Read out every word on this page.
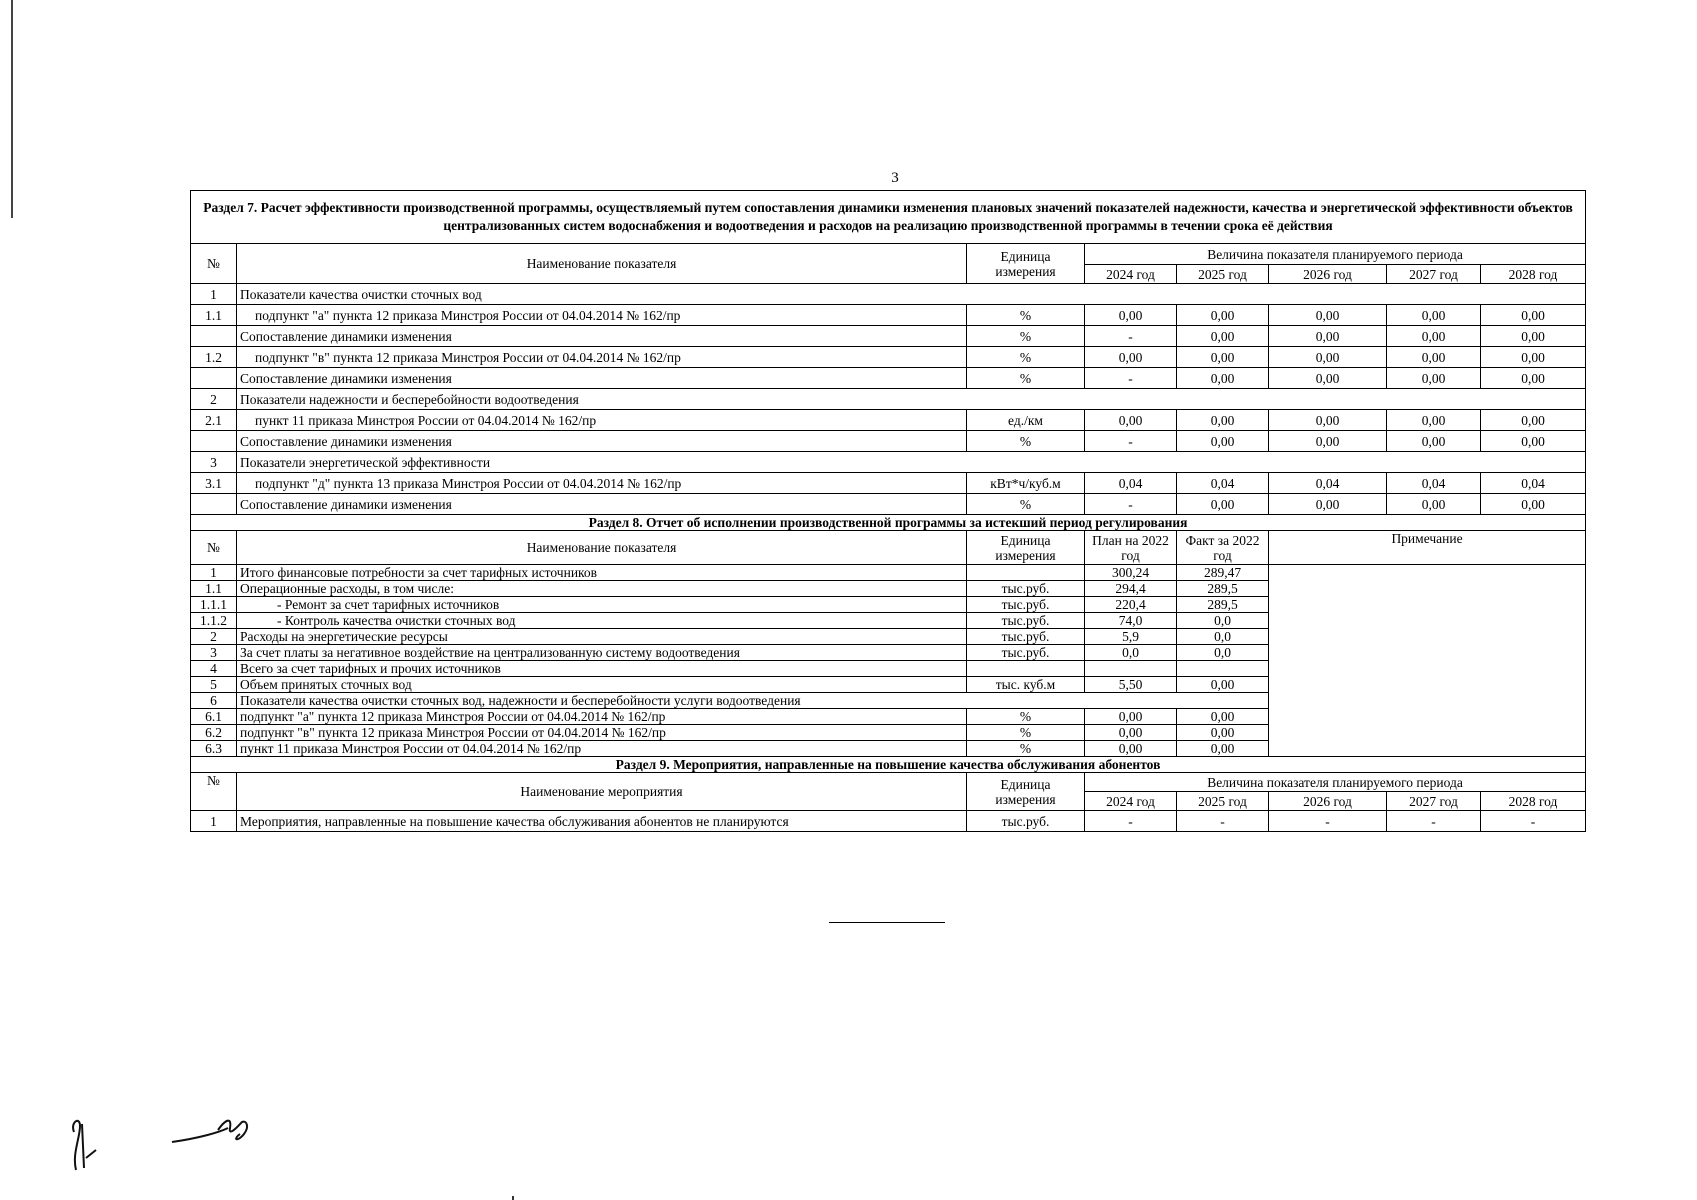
3
Раздел 7. Расчет эффективности производственной программы, осуществляемый путем сопоставления динамики изменения плановых значений показателей надежности, качества и энергетической эффективности объектов централизованных систем водоснабжения и водоотведения и расходов на реализацию производственной программы в течении срока её действия							
№	Наименование показателя	Единица измерения	Величина показателя планируемого периода				
			2024 год	2025 год	2026 год	2027 год	2028 год
1	Показатели качества очистки сточных вод						
1.1	подпункт "а" пункта 12 приказа Минстроя России от 04.04.2014 № 162/пр	%	0,00	0,00	0,00	0,00	0,00
	Сопоставление динамики изменения	%	-	0,00	0,00	0,00	0,00
1.2	подпункт "в" пункта 12 приказа Минстроя России от 04.04.2014 № 162/пр	%	0,00	0,00	0,00	0,00	0,00
	Сопоставление динамики изменения	%	-	0,00	0,00	0,00	0,00
2	Показатели надежности и бесперебойности водоотведения						
2.1	пункт 11 приказа Минстроя России от 04.04.2014 № 162/пр	ед./км	0,00	0,00	0,00	0,00	0,00
	Сопоставление динамики изменения	%	-	0,00	0,00	0,00	0,00
3	Показатели энергетической эффективности						
3.1	подпункт "д" пункта 13 приказа Минстроя России от 04.04.2014 № 162/пр	кВт*ч/куб.м	0,04	0,04	0,04	0,04	0,04
	Сопоставление динамики изменения	%	-	0,00	0,00	0,00	0,00
Раздел 8. Отчет об исполнении производственной программы за истекший период регулирования							
№	Наименование показателя	Единица измерения	План на 2022 год	Факт за 2022 год	Примечание		
1	Итого финансовые потребности за счет тарифных источников		300,24	289,47			
1.1	Операционные расходы, в том числе:	тыс.руб.	294,4	289,5			
1.1.1	- Ремонт за счет тарифных источников	тыс.руб.	220,4	289,5			
1.1.2	- Контроль качества очистки сточных вод	тыс.руб.	74,0	0,0			
2	Расходы на энергетические ресурсы	тыс.руб.	5,9	0,0			
3	За счет платы за негативное воздействие на централизованную систему водоотведения	тыс.руб.	0,0	0,0			
4	Всего за счет тарифных и прочих источников						
5	Объем принятых сточных вод	тыс. куб.м	5,50	0,00			
6	Показатели качества очистки сточных вод, надежности и бесперебойности услуги водоотведения						
6.1	подпункт "а" пункта 12 приказа Минстроя России от 04.04.2014 № 162/пр	%	0,00	0,00			
6.2	подпункт "в" пункта 12 приказа Минстроя России от 04.04.2014 № 162/пр	%	0,00	0,00			
6.3	пункт 11 приказа Минстроя России от 04.04.2014 № 162/пр	%	0,00	0,00			
Раздел 9. Мероприятия, направленные на повышение качества обслуживания абонентов							
№	Наименование мероприятия	Единица измерения	Величина показателя планируемого периода				
			2024 год	2025 год	2026 год	2027 год	2028 год
1	Мероприятия, направленные на повышение качества обслуживания абонентов не планируются	тыс.руб.	-	-	-	-	-
